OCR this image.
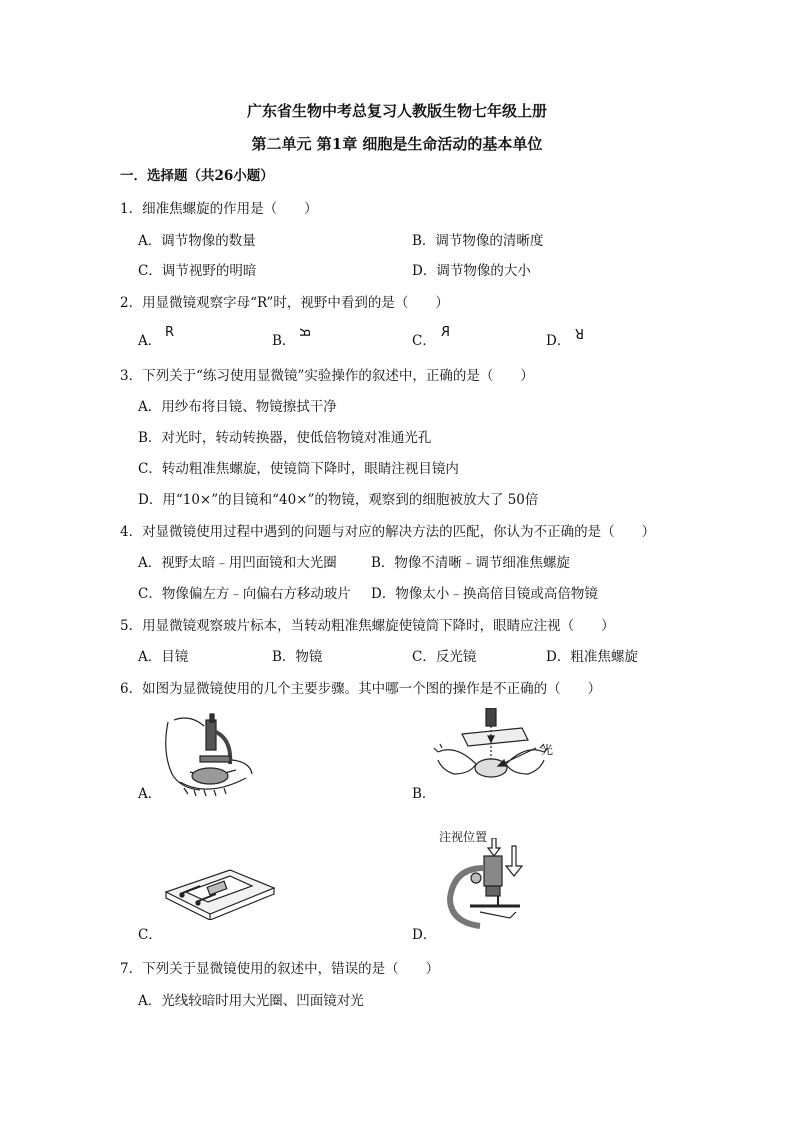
广东省生物中考总复习人教版生物七年级上册
第二单元 第1章 细胞是生命活动的基本单位
一．选择题（共26小题）
1．细准焦螺旋的作用是（　　）
A．调节物像的数量	B．调节物像的清晰度
C．调节视野的明暗	D．调节物像的大小
2．用显微镜观察字母“R”时，视野中看到的是（　　）
A．
R
B．
R
C．
R
D．
R
3．下列关于“练习使用显微镜”实验操作的叙述中，正确的是（　　）
A．用纱布将目镜、物镜擦拭干净
B．对光时，转动转换器，使低倍物镜对准通光孔
C．转动粗准焦螺旋，使镜筒下降时，眼睛注视目镜内
D．用“10×”的目镜和“40×”的物镜，观察到的细胞被放大了 50倍
4．对显微镜使用过程中遇到的问题与对应的解决方法的匹配，你认为不正确的是（　　）
A．视野太暗﹣用凹面镜和大光圈	B．物像不清晰﹣调节细准焦螺旋
C．物像偏左方﹣向偏右方移动玻片 D．物像太小﹣换高倍目镜或高倍物镜
5．用显微镜观察玻片标本，当转动粗准焦螺旋使镜筒下降时，眼睛应注视（　　）
A．目镜	B．物镜	C．反光镜	D．粗准焦螺旋
6．如图为显微镜使用的几个主要步骤。其中哪一个图的操作是不正确的（　　）
A．
光
B．
C．
注视位置
D．
7．下列关于显微镜使用的叙述中，错误的是（　　）
A．光线较暗时用大光圈、凹面镜对光
